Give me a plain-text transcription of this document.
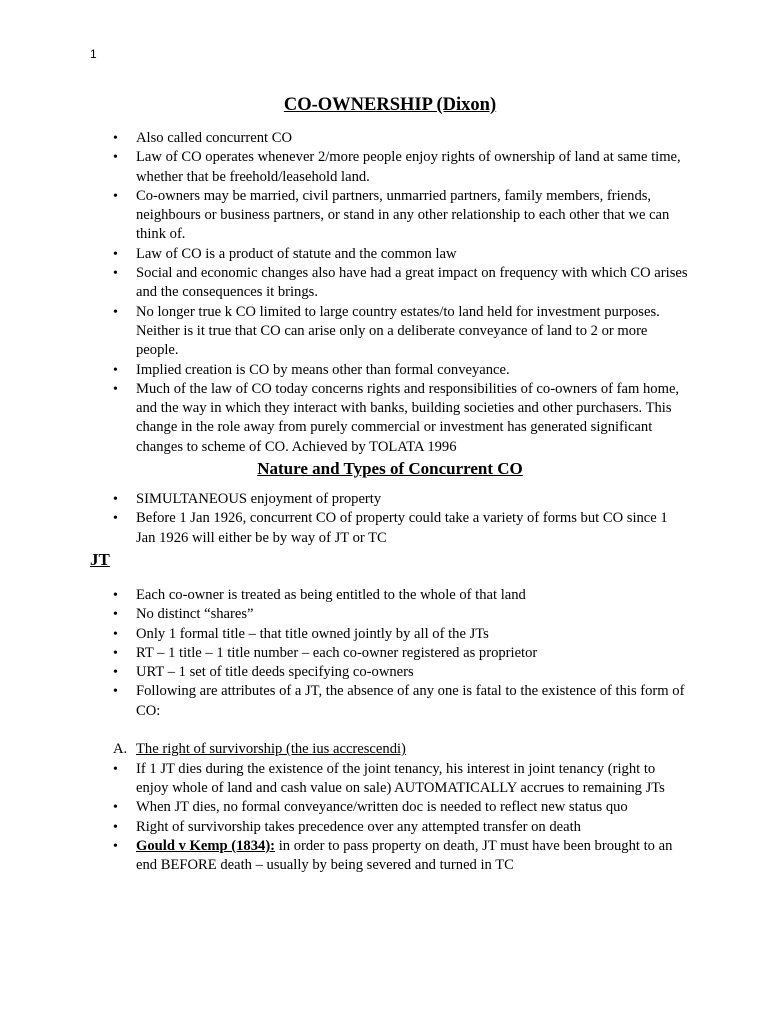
1
CO-OWNERSHIP (Dixon)
• Also called concurrent CO
• Law of CO operates whenever 2/more people enjoy rights of ownership of land at same time, whether that be freehold/leasehold land.
• Co-owners may be married, civil partners, unmarried partners, family members, friends, neighbours or business partners, or stand in any other relationship to each other that we can think of.
• Law of CO is a product of statute and the common law
• Social and economic changes also have had a great impact on frequency with which CO arises and the consequences it brings.
• No longer true k CO limited to large country estates/to land held for investment purposes. Neither is it true that CO can arise only on a deliberate conveyance of land to 2 or more people.
• Implied creation is CO by means other than formal conveyance.
• Much of the law of CO today concerns rights and responsibilities of co-owners of fam home, and the way in which they interact with banks, building societies and other purchasers. This change in the role away from purely commercial or investment has generated significant changes to scheme of CO. Achieved by TOLATA 1996
Nature and Types of Concurrent CO
• SIMULTANEOUS enjoyment of property
• Before 1 Jan 1926, concurrent CO of property could take a variety of forms but CO since 1 Jan 1926 will either be by way of JT or TC
JT
• Each co-owner is treated as being entitled to the whole of that land
• No distinct “shares”
• Only 1 formal title – that title owned jointly by all of the JTs
• RT – 1 title – 1 title number – each co-owner registered as proprietor
• URT – 1 set of title deeds specifying co-owners
• Following are attributes of a JT, the absence of any one is fatal to the existence of this form of CO:
A. The right of survivorship (the ius accrescendi)
• If 1 JT dies during the existence of the joint tenancy, his interest in joint tenancy (right to enjoy whole of land and cash value on sale) AUTOMATICALLY accrues to remaining JTs
• When JT dies, no formal conveyance/written doc is needed to reflect new status quo
• Right of survivorship takes precedence over any attempted transfer on death
• Gould v Kemp (1834): in order to pass property on death, JT must have been brought to an end BEFORE death – usually by being severed and turned in TC
